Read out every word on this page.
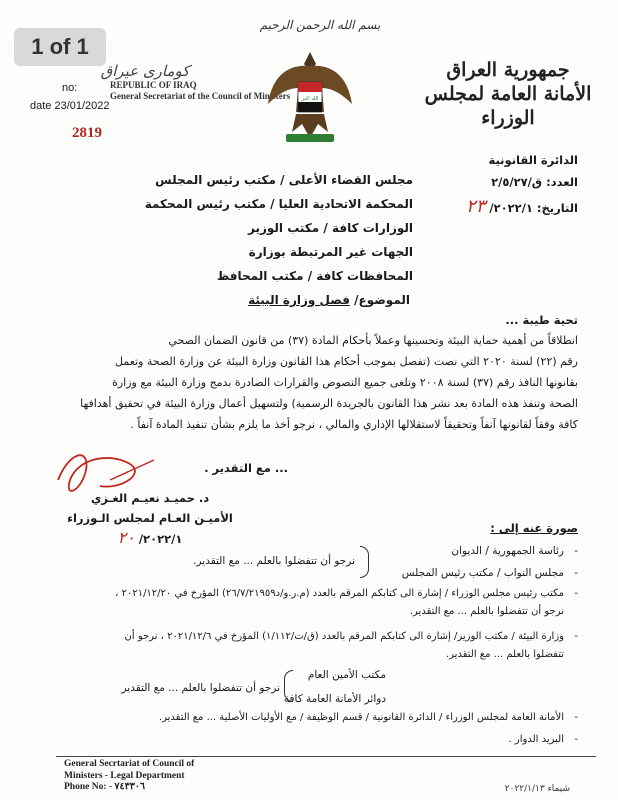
1 of 1
بسم الله الرحمن الرحيم
جمهورية العراق
الأمانة العامة لمجلس الوزراء
كومارى عيراق
REPUBLIC OF IRAQ
General Secretariat of the Council of Ministers
no:
date 23/01/2022
2819
الله اكبر
الدائرة القانونية
العدد: ق/٢/٥/٢٧
التاريخ: ٢٠٢٢/١/ ٢٣
مجلس القضاء الأعلى / مكتب رئيس المجلس
المحكمة الاتحادية العليا / مكتب رئيس المحكمة
الوزارات كافة / مكتب الوزير
الجهات غير المرتبطة بوزارة
المحافظات كافة / مكتب المحافظ
الموضوع/ فصل وزارة البيئة
تحية طيبة ...
انطلاقاً من أهمية حماية البيئة وتحسينها وعملاً بأحكام المادة (٣٧) من قانون الضمان الصحي
رقم (٢٢) لسنة ٢٠٢٠ التي نصت (تفصل بموجب أحكام هذا القانون وزارة البيئة عن وزارة الصحة وتعمل
بقانونها النافذ رقم (٣٧) لسنة ٢٠٠٨ وتلغى جميع النصوص والقرارات الصادرة بدمج وزارة البيئة مع وزارة
الصحة وتنفذ هذه المادة بعد نشر هذا القانون بالجريدة الرسمية) ولتسهيل أعمال وزارة البيئة في تحقيق أهدافها
كافة وفقاً لقانونها آنفاً وتحقيقاً لاستقلالها الإداري والمالي ، نرجو أخذ ما يلزم بشأن تنفيذ المادة آنفاً .
... مع التقدير .
د. حميـد نعيـم الغـزي
الأميـن العـام لمجلس الـوزراء
٢٠٢٢/١/ ٢٠	صورة عنه إلى :
- رئاسة الجمهورية / الديوان
- مجلس النواب / مكتب رئيس المجلس
نرجو أن تتفضلوا بالعلم ... مع التقدير.
- مكتب رئيس مجلس الوزراء / إشارة الى كتابكم المرقم بالعدد (م.ر.و/د٢٦/٧/٢١٩٥٩) المؤرخ في ٢٠٢١/١٢/٢٠ ،
نرجو أن تتفضلوا بالعلم ... مع التقدير.
- وزارة البيئة / مكتب الوزير/ إشارة الى كتابكم المرقم بالعدد (ق/ت/١/١١٢) المؤرخ في ٢٠٢١/١٢/٦ ، نرجو أن
تتفضلوا بالعلم ... مع التقدير.
مكتب الأمين العام
دوائر الأمانة العامة كافة
نرجو أن تتفضلوا بالعلم ... مع التقدير
- الأمانة العامة لمجلس الوزراء / الدائرة القانونية / قسم الوظيفة / مع الأوليات الأصلية ... مع التقدير.
- البريد الدوار .
General Secrtariat of Council of
Ministers - Legal Department
Phone No: - ٧٤٣٣٠٦	شيماء ٢٠٢٢/١/١٣
